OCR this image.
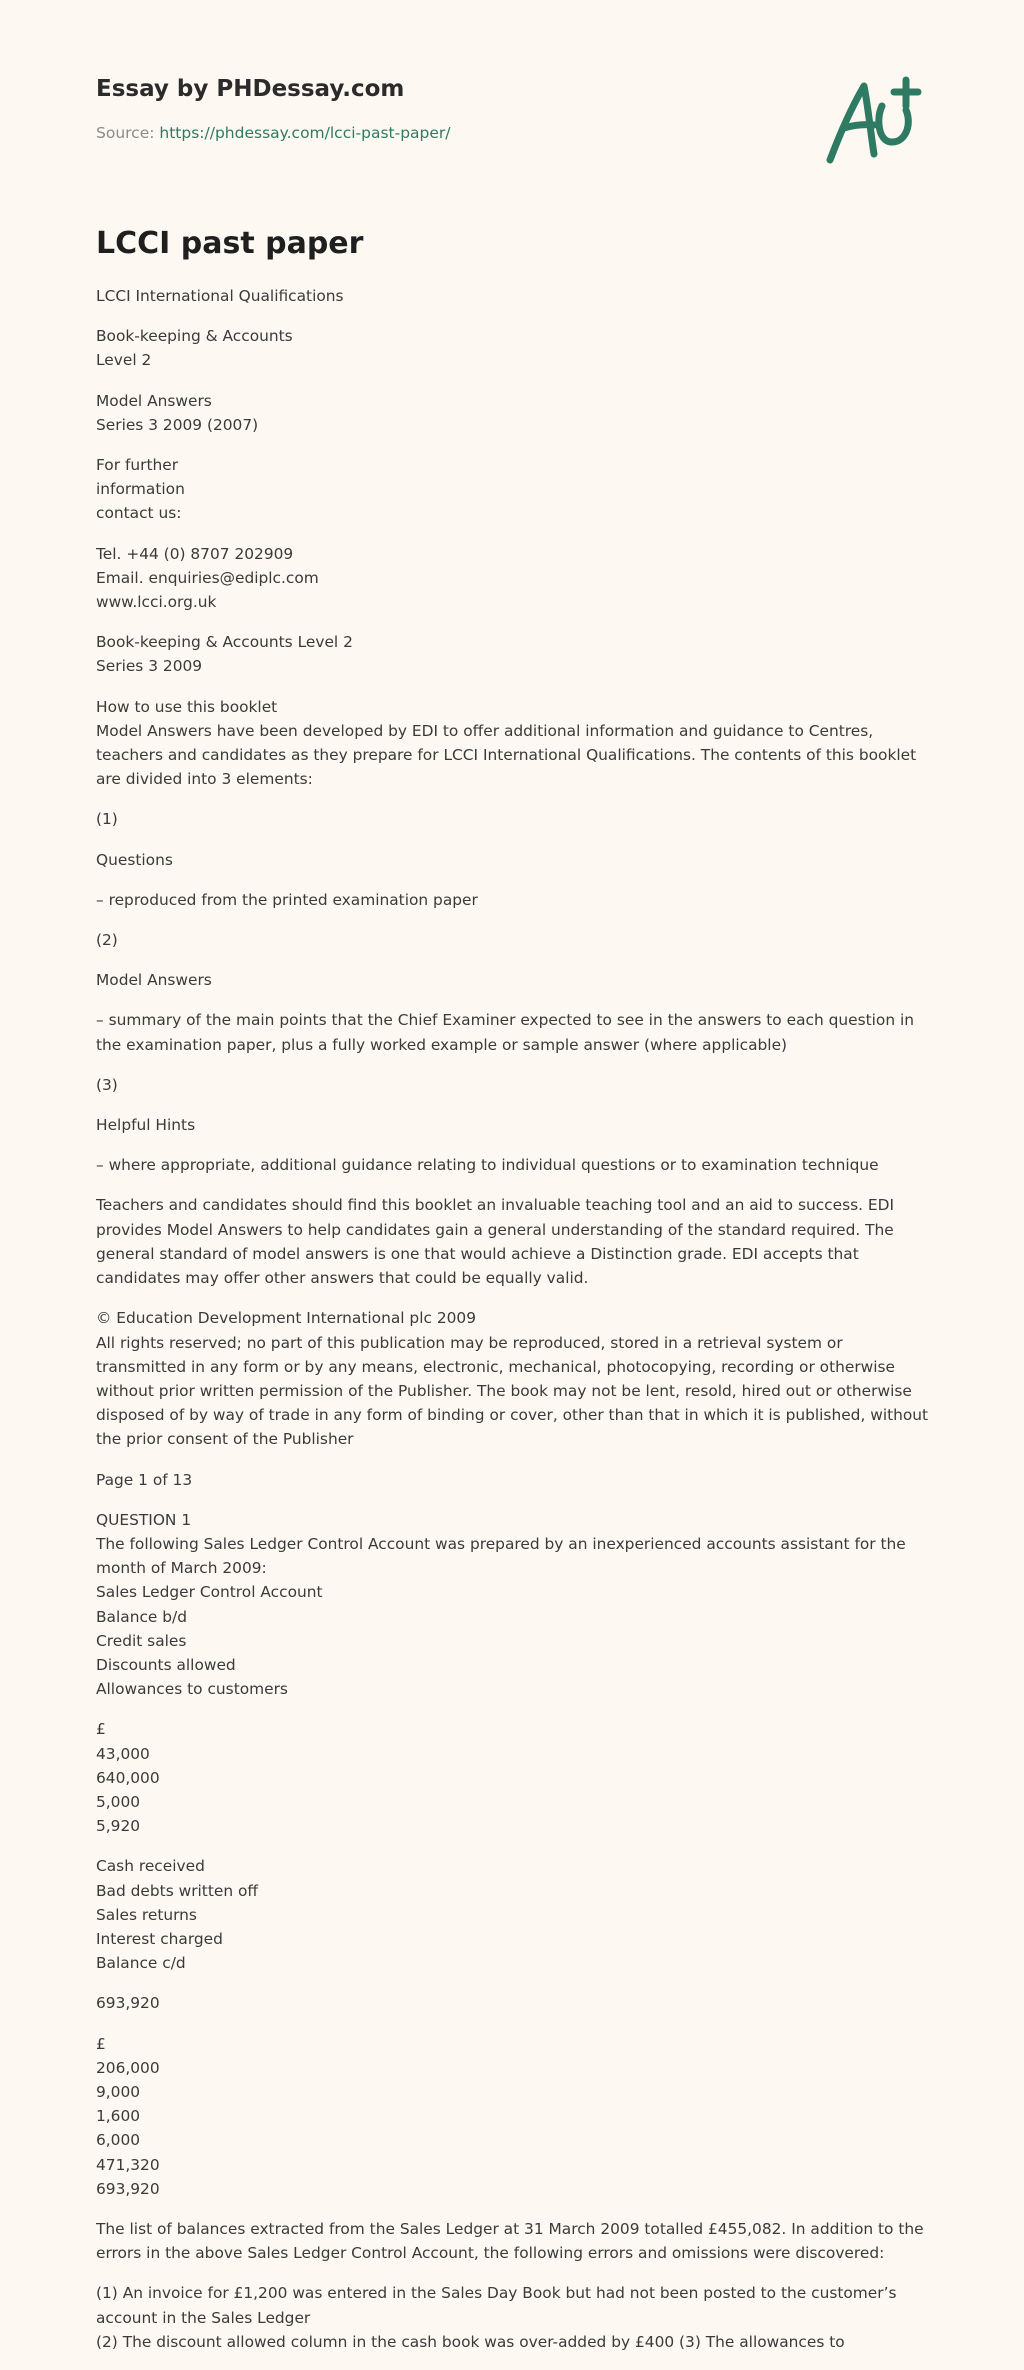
Essay by PHDessay.com
Source: https://phdessay.com/lcci-past-paper/
LCCI past paper

LCCI International Qualifications

Book-keeping & Accounts
Level 2

Model Answers
Series 3 2009 (2007)

For further
information
contact us:

Tel. +44 (0) 8707 202909
Email. enquiries@ediplc.com
www.lcci.org.uk

Book-keeping & Accounts Level 2
Series 3 2009

How to use this booklet
Model Answers have been developed by EDI to offer additional information and guidance to Centres, teachers and candidates as they prepare for LCCI International Qualifications. The contents of this booklet are divided into 3 elements:

(1)

Questions

– reproduced from the printed examination paper

(2)

Model Answers

– summary of the main points that the Chief Examiner expected to see in the answers to each question in the examination paper, plus a fully worked example or sample answer (where applicable)

(3)

Helpful Hints

– where appropriate, additional guidance relating to individual questions or to examination technique

Teachers and candidates should find this booklet an invaluable teaching tool and an aid to success. EDI provides Model Answers to help candidates gain a general understanding of the standard required. The general standard of model answers is one that would achieve a Distinction grade. EDI accepts that candidates may offer other answers that could be equally valid.

© Education Development International plc 2009
All rights reserved; no part of this publication may be reproduced, stored in a retrieval system or transmitted in any form or by any means, electronic, mechanical, photocopying, recording or otherwise without prior written permission of the Publisher. The book may not be lent, resold, hired out or otherwise disposed of by way of trade in any form of binding or cover, other than that in which it is published, without the prior consent of the Publisher

Page 1 of 13

QUESTION 1
The following Sales Ledger Control Account was prepared by an inexperienced accounts assistant for the month of March 2009:
Sales Ledger Control Account
Balance b/d
Credit sales
Discounts allowed
Allowances to customers

£
43,000
640,000
5,000
5,920

Cash received
Bad debts written off
Sales returns
Interest charged
Balance c/d

693,920

£
206,000
9,000
1,600
6,000
471,320
693,920

The list of balances extracted from the Sales Ledger at 31 March 2009 totalled £455,082. In addition to the errors in the above Sales Ledger Control Account, the following errors and omissions were discovered:

(1) An invoice for £1,200 was entered in the Sales Day Book but had not been posted to the customer’s account in the Sales Ledger
(2) The discount allowed column in the cash book was over-added by £400 (3) The allowances to
